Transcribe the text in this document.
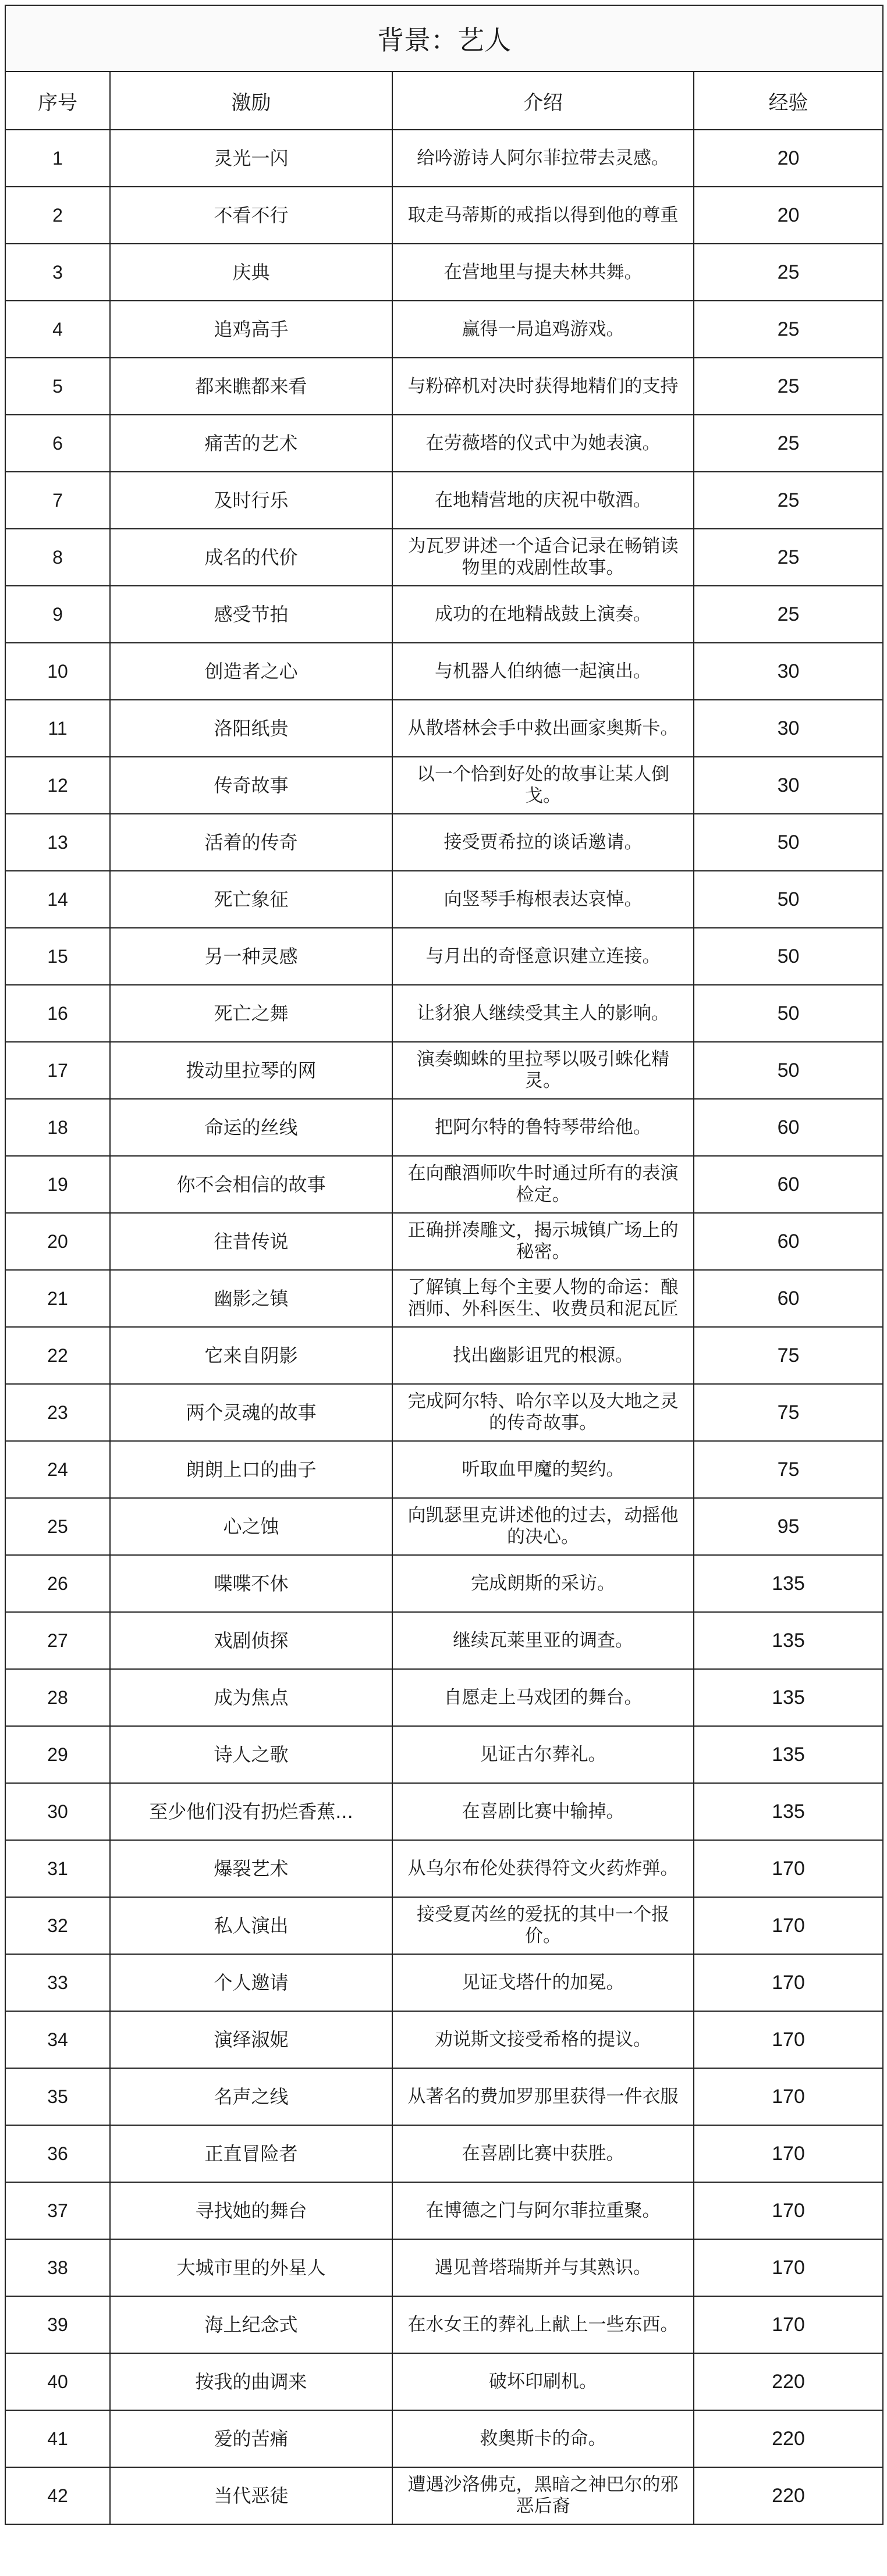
背景：艺人			
序号	激励	介绍	经验
1	灵光一闪	给吟游诗人阿尔菲拉带去灵感。	20
2	不看不行	取走马蒂斯的戒指以得到他的尊重	20
3	庆典	在营地里与提夫林共舞。	25
4	追鸡高手	赢得一局追鸡游戏。	25
5	都来瞧都来看	与粉碎机对决时获得地精们的支持	25
6	痛苦的艺术	在劳薇塔的仪式中为她表演。	25
7	及时行乐	在地精营地的庆祝中敬酒。	25
8	成名的代价	为瓦罗讲述一个适合记录在畅销读物里的戏剧性故事。	25
9	感受节拍	成功的在地精战鼓上演奏。	25
10	创造者之心	与机器人伯纳德一起演出。	30
11	洛阳纸贵	从散塔林会手中救出画家奥斯卡。	30
12	传奇故事	以一个恰到好处的故事让某人倒戈。	30
13	活着的传奇	接受贾希拉的谈话邀请。	50
14	死亡象征	向竖琴手梅根表达哀悼。	50
15	另一种灵感	与月出的奇怪意识建立连接。	50
16	死亡之舞	让豺狼人继续受其主人的影响。	50
17	拨动里拉琴的网	演奏蜘蛛的里拉琴以吸引蛛化精灵。	50
18	命运的丝线	把阿尔特的鲁特琴带给他。	60
19	你不会相信的故事	在向酿酒师吹牛时通过所有的表演检定。	60
20	往昔传说	正确拼凑雕文，揭示城镇广场上的秘密。	60
21	幽影之镇	了解镇上每个主要人物的命运：酿酒师、外科医生、收费员和泥瓦匠	60
22	它来自阴影	找出幽影诅咒的根源。	75
23	两个灵魂的故事	完成阿尔特、哈尔辛以及大地之灵的传奇故事。	75
24	朗朗上口的曲子	听取血甲魔的契约。	75
25	心之蚀	向凯瑟里克讲述他的过去，动摇他的决心。	95
26	喋喋不休	完成朗斯的采访。	135
27	戏剧侦探	继续瓦莱里亚的调查。	135
28	成为焦点	自愿走上马戏团的舞台。	135
29	诗人之歌	见证古尔葬礼。	135
30	至少他们没有扔烂香蕉...	在喜剧比赛中输掉。	135
31	爆裂艺术	从乌尔布伦处获得符文火药炸弹。	170
32	私人演出	接受夏芮丝的爱抚的其中一个报价。	170
33	个人邀请	见证戈塔什的加冕。	170
34	演绎淑妮	劝说斯文接受希格的提议。	170
35	名声之线	从著名的费加罗那里获得一件衣服	170
36	正直冒险者	在喜剧比赛中获胜。	170
37	寻找她的舞台	在博德之门与阿尔菲拉重聚。	170
38	大城市里的外星人	遇见普塔瑞斯并与其熟识。	170
39	海上纪念式	在水女王的葬礼上献上一些东西。	170
40	按我的曲调来	破坏印刷机。	220
41	爱的苦痛	救奥斯卡的命。	220
42	当代恶徒	遭遇沙洛佛克，黑暗之神巴尔的邪恶后裔	220
